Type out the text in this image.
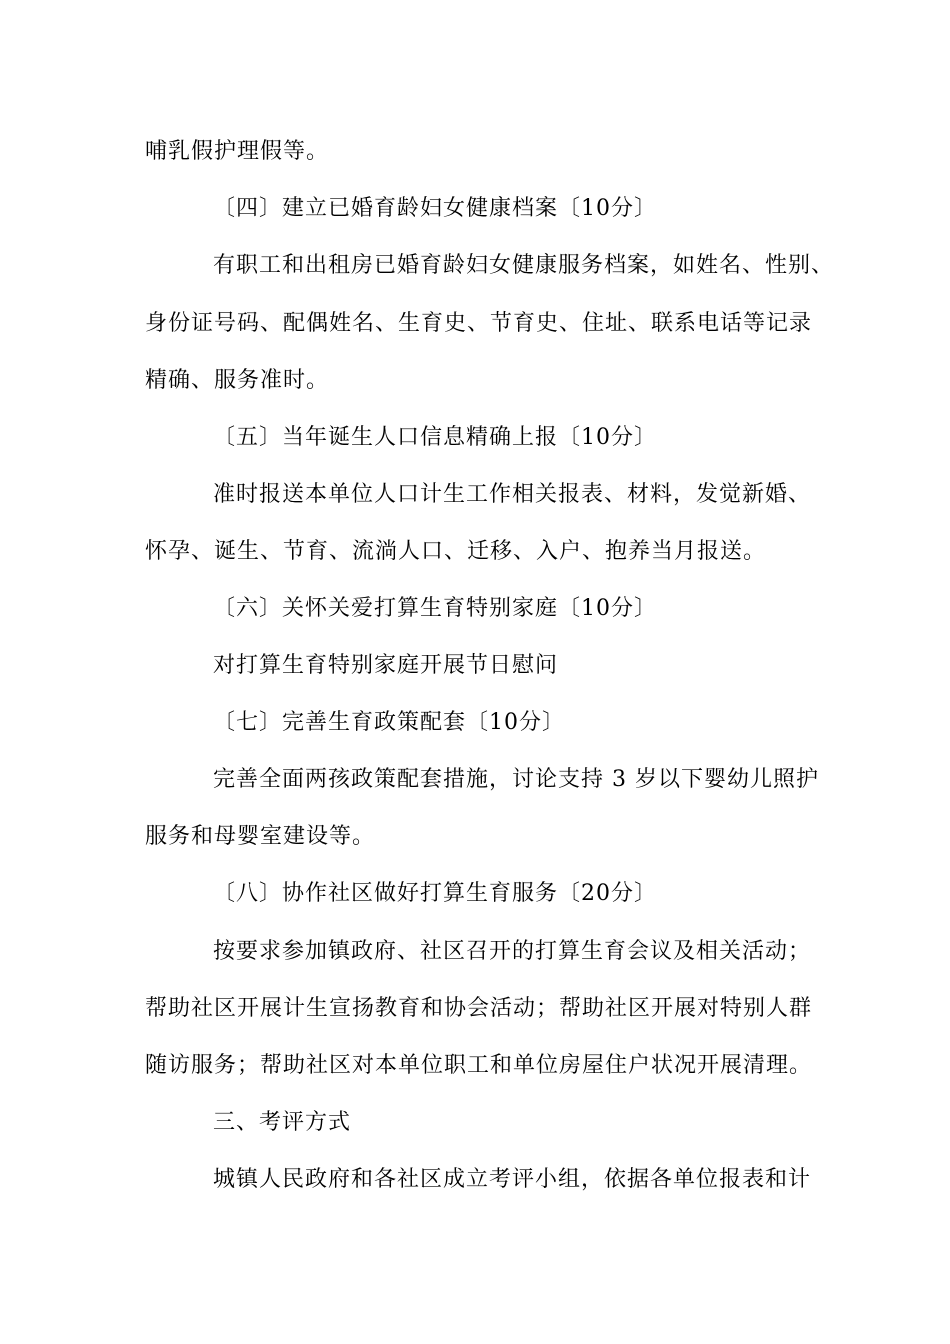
哺乳假护理假等。
〔四〕建立已婚育龄妇女健康档案〔10分〕
有职工和出租房已婚育龄妇女健康服务档案，如姓名、性别、
身份证号码、配偶姓名、生育史、节育史、住址、联系电话等记录
精确、服务准时。
〔五〕当年诞生人口信息精确上报〔10分〕
准时报送本单位人口计生工作相关报表、材料，发觉新婚、
怀孕、诞生、节育、流淌人口、迁移、入户、抱养当月报送。
〔六〕关怀关爱打算生育特别家庭〔10分〕
对打算生育特别家庭开展节日慰问
〔七〕完善生育政策配套〔10分〕
完善全面两孩政策配套措施，讨论支持 3 岁以下婴幼儿照护
服务和母婴室建设等。
〔八〕协作社区做好打算生育服务〔20分〕
按要求参加镇政府、社区召开的打算生育会议及相关活动；
帮助社区开展计生宣扬教育和协会活动；帮助社区开展对特别人群
随访服务；帮助社区对本单位职工和单位房屋住户状况开展清理。
三、考评方式
城镇人民政府和各社区成立考评小组，依据各单位报表和计
